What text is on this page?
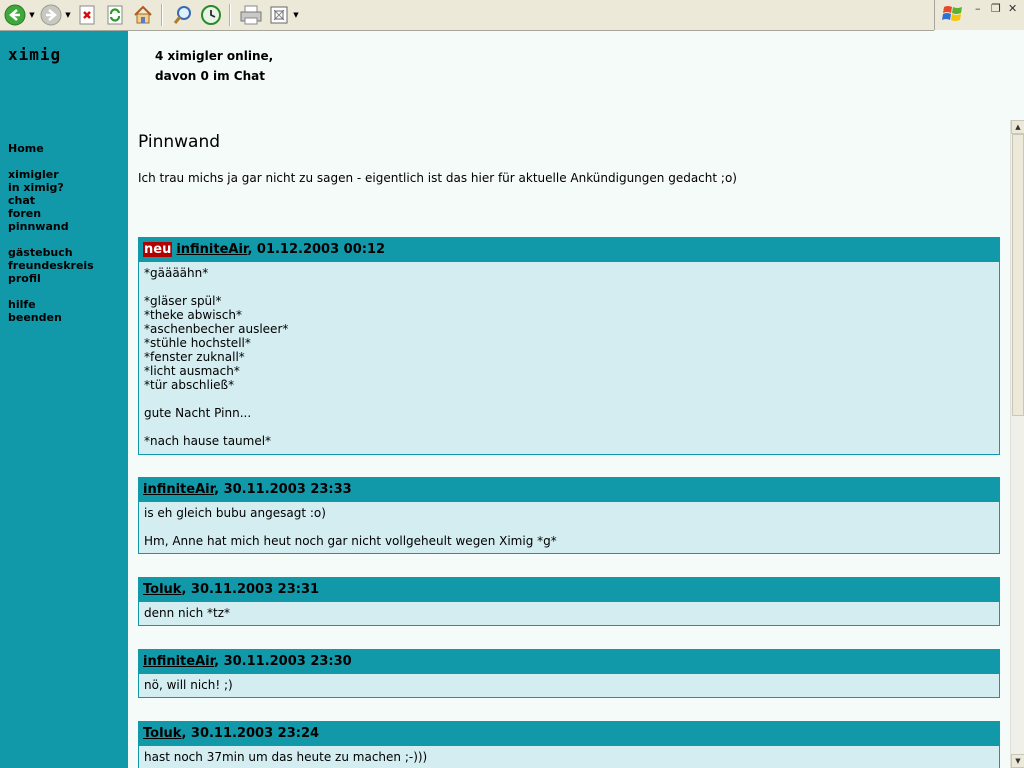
▼	▼	▼	– ❐ ✕
ximig
Home
ximigler
in ximig?
chat
foren
pinnwand
gästebuch
freundeskreis
profil
hilfe
beenden
4 ximigler online,
davon 0 im Chat
Pinnwand
Ich trau michs ja gar nicht zu sagen - eigentlich ist das hier für aktuelle Ankündigungen gedacht ;o)
neu infiniteAir, 01.12.2003 00:12
*gäääähn*

*gläser spül*
*theke abwisch*
*aschenbecher ausleer*
*stühle hochstell*
*fenster zuknall*
*licht ausmach*
*tür abschließ*

gute Nacht Pinn...

*nach hause taumel*
infiniteAir, 30.11.2003 23:33
is eh gleich bubu angesagt :o)

Hm, Anne hat mich heut noch gar nicht vollgeheult wegen Ximig *g*
Toluk, 30.11.2003 23:31
denn nich *tz*
infiniteAir, 30.11.2003 23:30
nö, will nich! ;)
Toluk, 30.11.2003 23:24
hast noch 37min um das heute zu machen ;-)))
▲
▼
